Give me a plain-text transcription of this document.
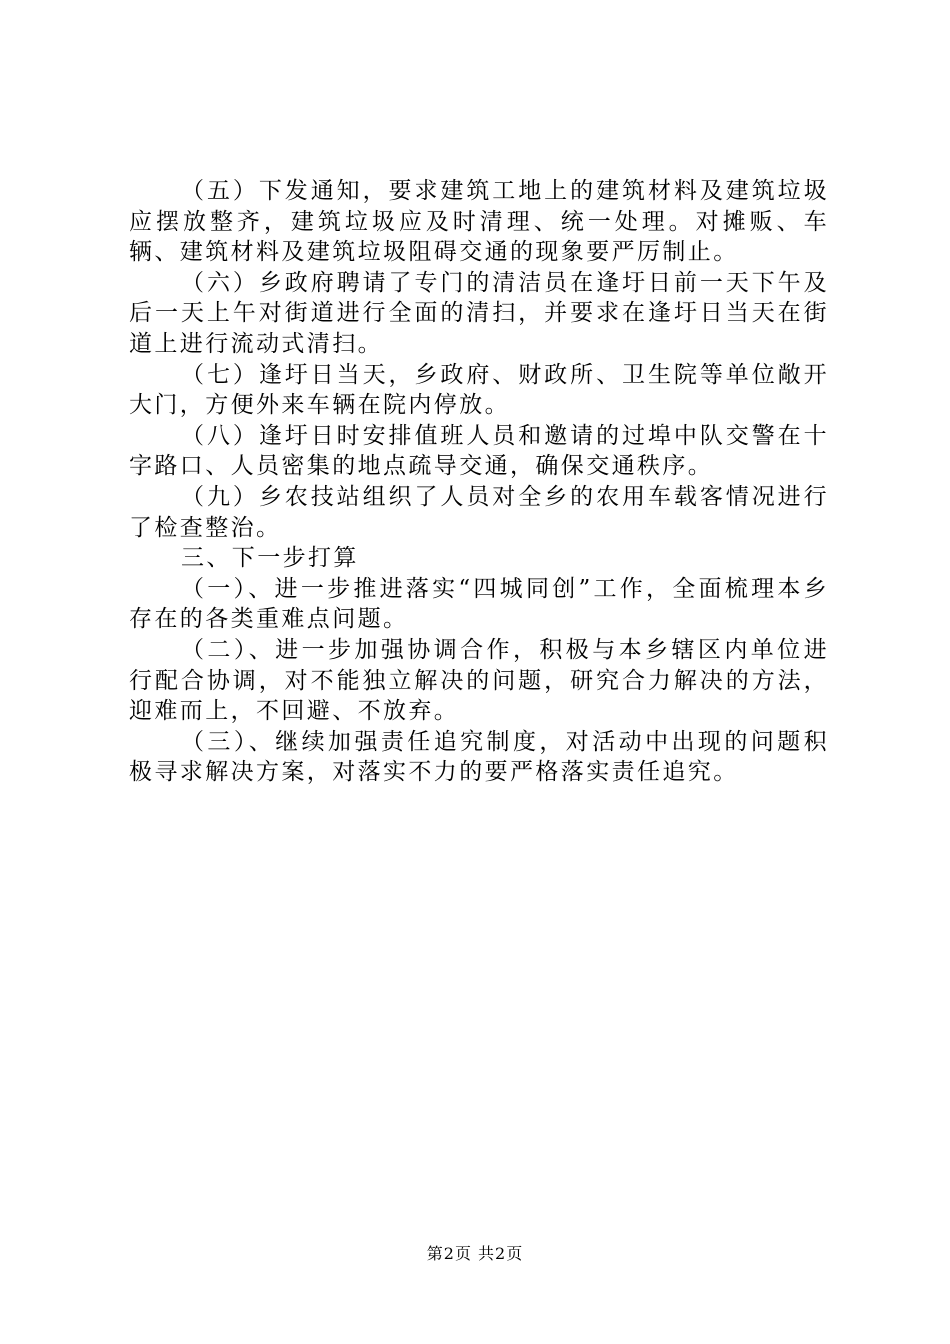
（五）下发通知，要求建筑工地上的建筑材料及建筑垃圾应摆放整齐，建筑垃圾应及时清理、统一处理。对摊贩、车辆、建筑材料及建筑垃圾阻碍交通的现象要严厉制止。

（六）乡政府聘请了专门的清洁员在逢圩日前一天下午及后一天上午对街道进行全面的清扫，并要求在逢圩日当天在街道上进行流动式清扫。

（七）逢圩日当天，乡政府、财政所、卫生院等单位敞开大门，方便外来车辆在院内停放。

（八）逢圩日时安排值班人员和邀请的过埠中队交警在十字路口、人员密集的地点疏导交通，确保交通秩序。

（九）乡农技站组织了人员对全乡的农用车载客情况进行了检查整治。

三、下一步打算

（一）、进一步推进落实“四城同创”工作，全面梳理本乡存在的各类重难点问题。

（二）、进一步加强协调合作，积极与本乡辖区内单位进行配合协调，对不能独立解决的问题，研究合力解决的方法，迎难而上，不回避、不放弃。

（三）、继续加强责任追究制度，对活动中出现的问题积极寻求解决方案，对落实不力的要严格落实责任追究。

第2页 共2页
